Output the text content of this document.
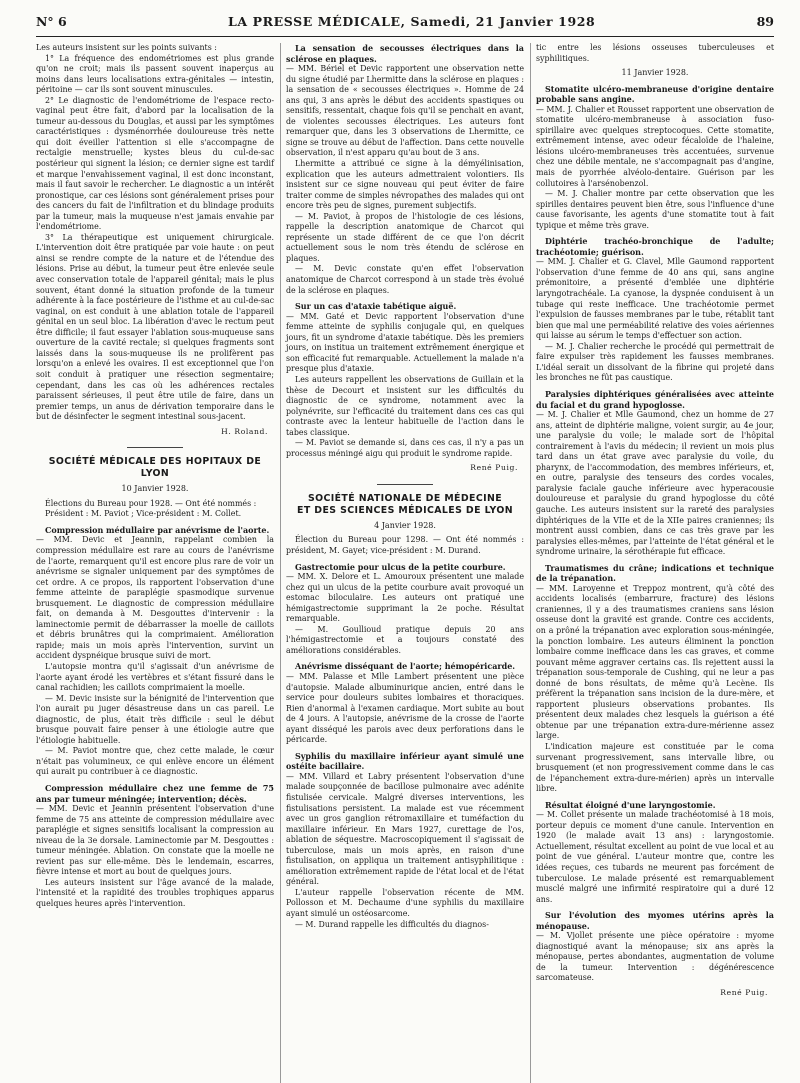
N° 6	LA PRESSE MÉDICALE, Samedi, 21 Janvier 1928	89

Les auteurs insistent sur les points suivants :

1° La fréquence des endométriomes est plus grande qu'on ne croit; mais ils passent souvent inaperçus au moins dans leurs localisations extra-génitales — intestin, péritoine — car ils sont souvent minuscules.

2° Le diagnostic de l'endométriome de l'espace recto-vaginal peut être fait, d'abord par la localisation de la tumeur au-dessous du Douglas, et aussi par les symptômes caractéristiques : dysménorrhée douloureuse très nette qui doit éveiller l'attention si elle s'accompagne de rectalgie menstruelle; kystes bleus du cul-de-sac postérieur qui signent la lésion; ce dernier signe est tardif et marque l'envahissement vaginal, il est donc inconstant, mais il faut savoir le rechercher. Le diagnostic a un intérêt pronostique, car ces lésions sont généralement prises pour des cancers du fait de l'infiltration et du blindage produits par la tumeur, mais la muqueuse n'est jamais envahie par l'endométriome.

3° La thérapeutique est uniquement chirurgicale. L'intervention doit être pratiquée par voie haute : on peut ainsi se rendre compte de la nature et de l'étendue des lésions. Prise au début, la tumeur peut être enlevée seule avec conservation totale de l'appareil génital; mais le plus souvent, étant donné la situation profonde de la tumeur adhérente à la face postérieure de l'isthme et au cul-de-sac vaginal, on est conduit à une ablation totale de l'appareil génital en un seul bloc. La libération d'avec le rectum peut être difficile; il faut essayer l'ablation sous-muqueuse sans ouverture de la cavité rectale; si quelques fragments sont laissés dans la sous-muqueuse ils ne prolifèrent pas lorsqu'on a enlevé les ovaires. Il est exceptionnel que l'on soit conduit à pratiquer une résection segmentaire; cependant, dans les cas où les adhérences rectales paraissent sérieuses, il peut être utile de faire, dans un premier temps, un anus de dérivation temporaire dans le but de désinfecter le segment intestinal sous-jacent.

H. Roland.
SOCIÉTÉ MÉDICALE DES HOPITAUX DE LYON
10 Janvier 1928.

Élections du Bureau pour 1928. — Ont été nommés :

Président : M. Paviot ; Vice-président : M. Collet.

Compression médullaire par anévrisme de l'aorte.

— MM. Devic et Jeannin, rappelant combien la compression médullaire est rare au cours de l'anévrisme de l'aorte, remarquent qu'il est encore plus rare de voir un anévrisme se signaler uniquement par des symptômes de cet ordre. A ce propos, ils rapportent l'observation d'une femme atteinte de paraplégie spasmodique survenue brusquement. Le diagnostic de compression médullaire fait, on demanda à M. Desgouttes d'intervenir : la laminectomie permit de débarrasser la moelle de caillots et débris brunâtres qui la comprimaient. Amélioration rapide; mais un mois après l'intervention, survint un accident dyspnéique brusque suivi de mort.

L'autopsie montra qu'il s'agissait d'un anévrisme de l'aorte ayant érodé les vertèbres et s'étant fissuré dans le canal rachidien; les caillots comprimaient la moelle.

— M. Devic insiste sur la bénignité de l'intervention que l'on aurait pu juger désastreuse dans un cas pareil. Le diagnostic, de plus, était très difficile : seul le début brusque pouvait faire penser à une étiologie autre que l'étiologie habituelle.

— M. Paviot montre que, chez cette malade, le cœur n'était pas volumineux, ce qui enlève encore un élément qui aurait pu contribuer à ce diagnostic.

Compression médullaire chez une femme de 75 ans par tumeur méningée; intervention; décès.

— MM. Devic et Jeannin présentent l'observation d'une femme de 75 ans atteinte de compression médullaire avec paraplégie et signes sensitifs localisant la compression au niveau de la 3e dorsale. Laminectomie par M. Desgouttes : tumeur méningée. Ablation. On constate que la moelle ne revient pas sur elle-même. Dès le lendemain, escarres, fièvre intense et mort au bout de quelques jours.

Les auteurs insistent sur l'âge avancé de la malade, l'intensité et la rapidité des troubles trophiques apparus quelques heures après l'intervention.

La sensation de secousses électriques dans la sclérose en plaques.

— MM. Bériel et Devic rapportent une observation nette du signe étudié par Lhermitte dans la sclérose en plaques : la sensation de « secousses électriques ». Homme de 24 ans qui, 3 ans après le début des accidents spastiques ou sensitifs, ressentait, chaque fois qu'il se penchait en avant, de violentes secousses électriques. Les auteurs font remarquer que, dans les 3 observations de Lhermitte, ce signe se trouve au début de l'affection. Dans cette nouvelle observation, il n'est apparu qu'au bout de 3 ans.

Lhermitte a attribué ce signe à la démyélinisation, explication que les auteurs admettraient volontiers. Ils insistent sur ce signe nouveau qui peut éviter de faire traiter comme de simples névropathes des malades qui ont encore très peu de signes, purement subjectifs.

— M. Paviot, à propos de l'histologie de ces lésions, rappelle la description anatomique de Charcot qui représente un stade différent de ce que l'on décrit actuellement sous le nom très étendu de sclérose en plaques.

— M. Devic constate qu'en effet l'observation anatomique de Charcot correspond à un stade très évolué de la sclérose en plaques.

Sur un cas d'ataxie tabétique aiguë.

— MM. Gaté et Devic rapportent l'observation d'une femme atteinte de syphilis conjugale qui, en quelques jours, fit un syndrome d'ataxie tabétique. Dès les premiers jours, on institua un traitement extrêmement énergique et son efficacité fut remarquable. Actuellement la malade n'a presque plus d'ataxie.

Les auteurs rappellent les observations de Guillain et la thèse de Decourt et insistent sur les difficultés du diagnostic de ce syndrome, notamment avec la polynévrite, sur l'efficacité du traitement dans ces cas qui contraste avec la lenteur habituelle de l'action dans le tabes classique.

— M. Paviot se demande si, dans ces cas, il n'y a pas un processus méningé aigu qui produit le syndrome rapide.

René Puig.
SOCIÉTÉ NATIONALE DE MÉDECINE
ET DES SCIENCES MÉDICALES DE LYON
4 Janvier 1928.

Élection du Bureau pour 1298. — Ont été nommés : président, M. Gayet; vice-président : M. Durand.

Gastrectomie pour ulcus de la petite courbure.

— MM. X. Delore et L. Amouroux présentent une malade chez qui un ulcus de la petite courbure avait provoqué un estomac biloculaire. Les auteurs ont pratiqué une hémigastrectomie supprimant la 2e poche. Résultat remarquable.

— M. Goullioud pratique depuis 20 ans l'hémigastrectomie et a toujours constaté des améliorations considérables.

Anévrisme disséquant de l'aorte; hémopéricarde.

— MM. Palasse et Mlle Lambert présentent une pièce d'autopsie. Malade albuminurique ancien, entré dans le service pour douleurs subites lombaires et thoraciques. Rien d'anormal à l'examen cardiaque. Mort subite au bout de 4 jours. A l'autopsie, anévrisme de la crosse de l'aorte ayant disséqué les parois avec deux perforations dans le péricarde.

Syphilis du maxillaire inférieur ayant simulé une ostéite bacillaire.

— MM. Villard et Labry présentent l'observation d'une malade soupçonnée de bacillose pulmonaire avec adénite fistulisée cervicale. Malgré diverses interventions, les fistulisations persistent. La malade est vue récemment avec un gros ganglion rétromaxillaire et tuméfaction du maxillaire inférieur. En Mars 1927, curettage de l'os, ablation de séquestre. Macroscopiquement il s'agissait de tuberculose, mais un mois après, en raison d'une fistulisation, on appliqua un traitement antisyphilitique : amélioration extrêmement rapide de l'état local et de l'état général.

L'auteur rappelle l'observation récente de MM. Pollosson et M. Dechaume d'une syphilis du maxillaire ayant simulé un ostéosarcome.

— M. Durand rappelle les difficultés du diagnos-

tic entre les lésions osseuses tuberculeuses et syphilitiques.

11 Janvier 1928.
Stomatite ulcéro-membraneuse d'origine dentaire probable sans angine.

— MM. J. Chalier et Rousset rapportent une observation de stomatite ulcéro-membraneuse à association fuso-spirillaire avec quelques streptocoques. Cette stomatite, extrêmement intense, avec odeur fécaloïde de l'haleine, lésions ulcéro-membraneuses très accentuées, survenue chez une débile mentale, ne s'accompagnait pas d'angine, mais de pyorrhée alvéolo-dentaire. Guérison par les collutoires à l'arsénobenzol.

— M. J. Chalier montre par cette observation que les spirilles dentaires peuvent bien être, sous l'influence d'une cause favorisante, les agents d'une stomatite tout à fait typique et même très grave.

Diphtérie trachéo-bronchique de l'adulte; trachéotomie; guérison.

— MM. J. Chalier et G. Clavel, Mlle Gaumond rapportent l'observation d'une femme de 40 ans qui, sans angine prémonitoire, a présenté d'emblée une diphtérie laryngotrachéale. La cyanose, la dyspnée conduisent à un tubage qui reste inefficace. Une trachéotomie permet l'expulsion de fausses membranes par le tube, rétablit tant bien que mal une perméabilité relative des voies aériennes qui laisse au sérum le temps d'effectuer son action.

— M. J. Chalier recherche le procédé qui permettrait de faire expulser très rapidement les fausses membranes. L'idéal serait un dissolvant de la fibrine qui projeté dans les bronches ne fût pas caustique.

Paralysies diphtériques généralisées avec atteinte du facial et du grand hypoglosse.

— M. J. Chalier et Mlle Gaumond, chez un homme de 27 ans, atteint de diphtérie maligne, voient surgir, au 4e jour, une paralysie du voile; le malade sort de l'hôpital contrairement à l'avis du médecin; il revient un mois plus tard dans un état grave avec paralysie du voile, du pharynx, de l'accommodation, des membres inférieurs, et, en outre, paralysie des tenseurs des cordes vocales, paralysie faciale gauche inférieure avec hyperacousie douloureuse et paralysie du grand hypoglosse du côté gauche. Les auteurs insistent sur la rareté des paralysies diphtériques de la VIIe et de la XIIe paires craniennes; ils montrent aussi combien, dans ce cas très grave par les paralysies elles-mêmes, par l'atteinte de l'état général et le syndrome urinaire, la sérothérapie fut efficace.

Traumatismes du crâne; indications et technique de la trépanation.

— MM. Laroyenne et Treppoz montrent, qu'à côté des accidents localisés (embarrure, fracture) des lésions craniennes, il y a des traumatismes craniens sans lésion osseuse dont la gravité est grande. Contre ces accidents, on a prôné la trépanation avec exploration sous-méningée, la ponction lombaire. Les auteurs éliminent la ponction lombaire comme inefficace dans les cas graves, et comme pouvant même aggraver certains cas. Ils rejettent aussi la trépanation sous-temporale de Cushing, qui ne leur a pas donné de bons résultats, de même qu'à Lecène. Ils préfèrent la trépanation sans incision de la dure-mère, et rapportent plusieurs observations probantes. Ils présentent deux malades chez lesquels la guérison a été obtenue par une trépanation extra-dure-mérienne assez large.

L'indication majeure est constituée par le coma survenant progressivement, sans intervalle libre, ou brusquement (et non progressivement comme dans le cas de l'épanchement extra-dure-mérien) après un intervalle libre.

Résultat éloigné d'une laryngostomie.

— M. Collet présente un malade trachéotomisé à 18 mois, porteur depuis ce moment d'une canule. Intervention en 1920 (le malade avait 13 ans) : laryngostomie. Actuellement, résultat excellent au point de vue local et au point de vue général. L'auteur montre que, contre les idées reçues, ces tubards ne meurent pas forcément de tuberculose. Le malade présenté est remarquablement musclé malgré une infirmité respiratoire qui a duré 12 ans.

Sur l'évolution des myomes utérins après la ménopause.

— M. Vjollet présente une pièce opératoire : myome diagnostiqué avant la ménopause; six ans après la ménopause, pertes abondantes, augmentation de volume de la tumeur. Intervention : dégénérescence sarcomateuse.

René Puig.
